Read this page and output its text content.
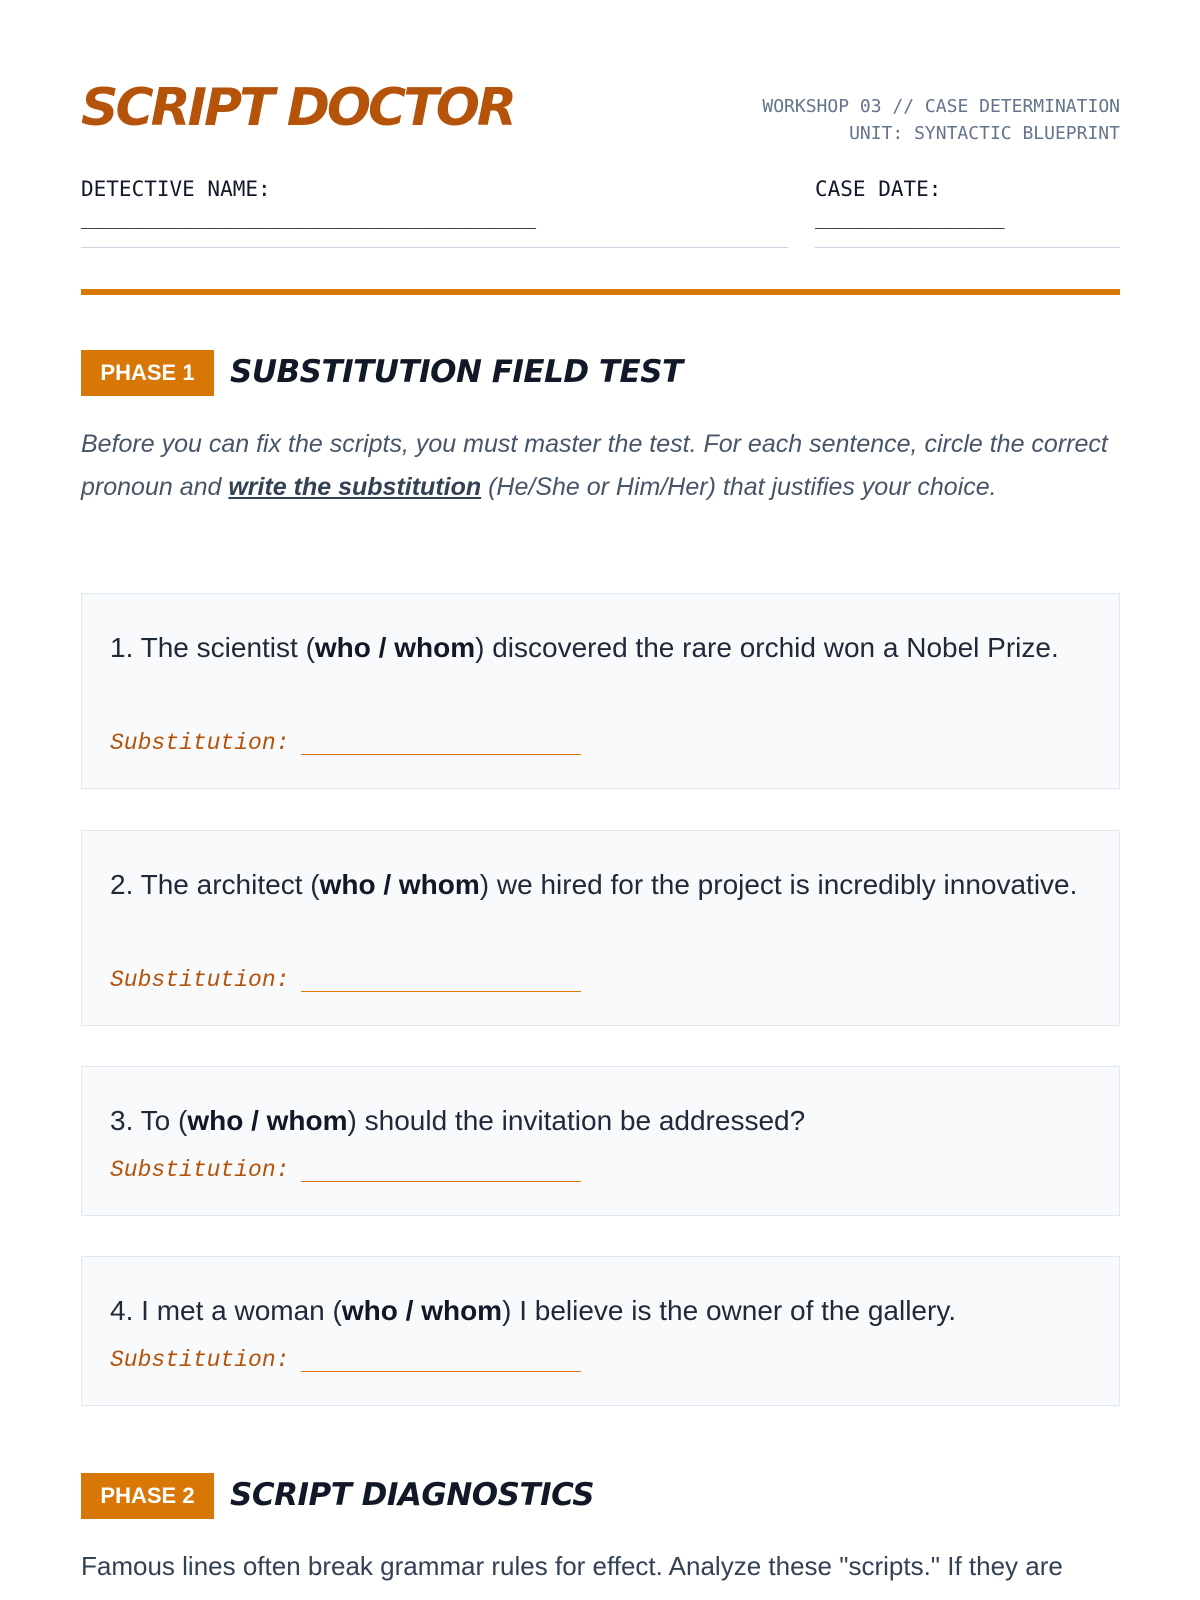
SCRIPT DOCTOR	WORKSHOP 03 // CASE DETERMINATION
UNIT: SYNTACTIC BLUEPRINT
DETECTIVE NAME:
____________________________________
CASE DATE:
_______________
PHASE 1	SUBSTITUTION FIELD TEST
Before you can fix the scripts, you must master the test. For each sentence, circle the correct pronoun and write the substitution (He/She or Him/Her) that justifies your choice.
1. The scientist (who / whom) discovered the rare orchid won a Nobel Prize.
Substitution:
2. The architect (who / whom) we hired for the project is incredibly innovative.
Substitution:
3. To (who / whom) should the invitation be addressed?
Substitution:
4. I met a woman (who / whom) I believe is the owner of the gallery.
Substitution:
PHASE 2	SCRIPT DIAGNOSTICS
Famous lines often break grammar rules for effect. Analyze these "scripts." If they are
